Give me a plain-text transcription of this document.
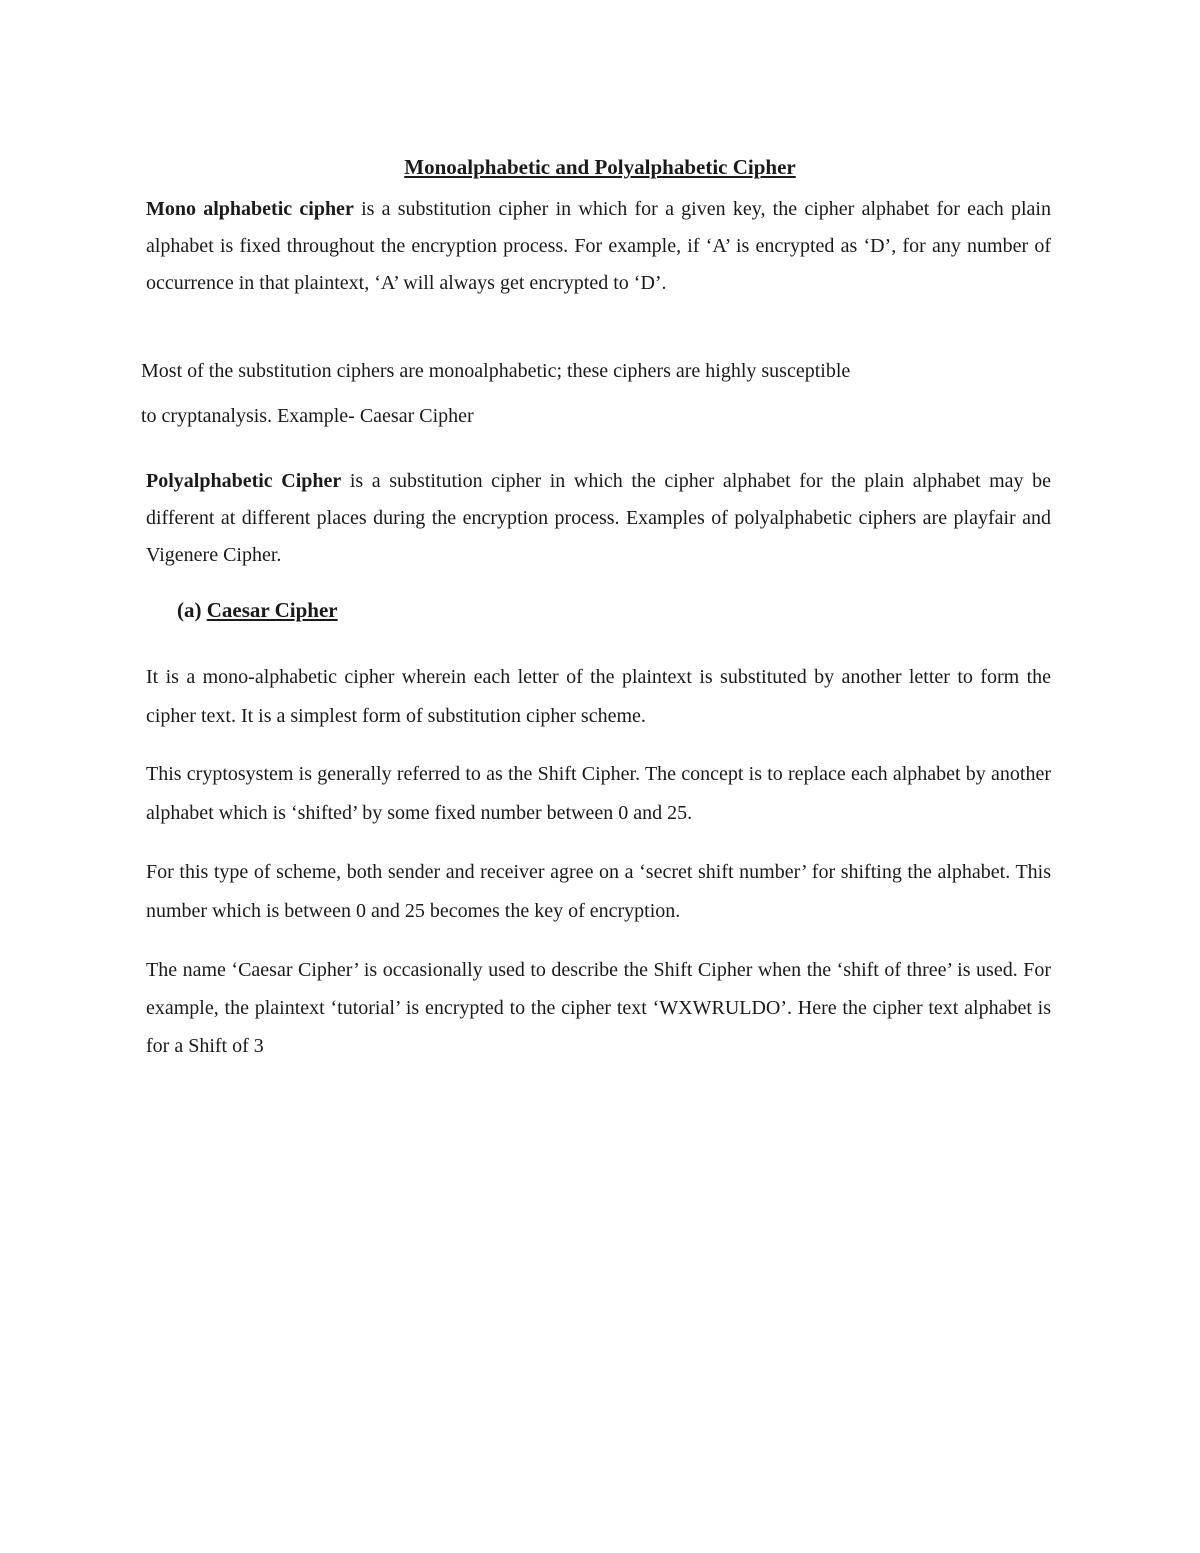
Monoalphabetic and Polyalphabetic Cipher

Mono alphabetic cipher is a substitution cipher in which for a given key, the cipher alphabet for each plain alphabet is fixed throughout the encryption process. For example, if ‘A’ is encrypted as ‘D’, for any number of occurrence in that plaintext, ‘A’ will always get encrypted to ‘D’.

Most of the substitution ciphers are monoalphabetic; these ciphers are highly susceptible

to cryptanalysis. Example- Caesar Cipher

Polyalphabetic Cipher is a substitution cipher in which the cipher alphabet for the plain alphabet may be different at different places during the encryption process. Examples of polyalphabetic ciphers are playfair and Vigenere Cipher.

(a) Caesar Cipher

It is a mono-alphabetic cipher wherein each letter of the plaintext is substituted by another letter to form the cipher text. It is a simplest form of substitution cipher scheme.

This cryptosystem is generally referred to as the Shift Cipher. The concept is to replace each alphabet by another alphabet which is ‘shifted’ by some fixed number between 0 and 25.

For this type of scheme, both sender and receiver agree on a ‘secret shift number’ for shifting the alphabet. This number which is between 0 and 25 becomes the key of encryption.

The name ‘Caesar Cipher’ is occasionally used to describe the Shift Cipher when the ‘shift of three’ is used. For example, the plaintext ‘tutorial’ is encrypted to the cipher text ‘WXWRULDO’. Here the cipher text alphabet is for a Shift of 3
